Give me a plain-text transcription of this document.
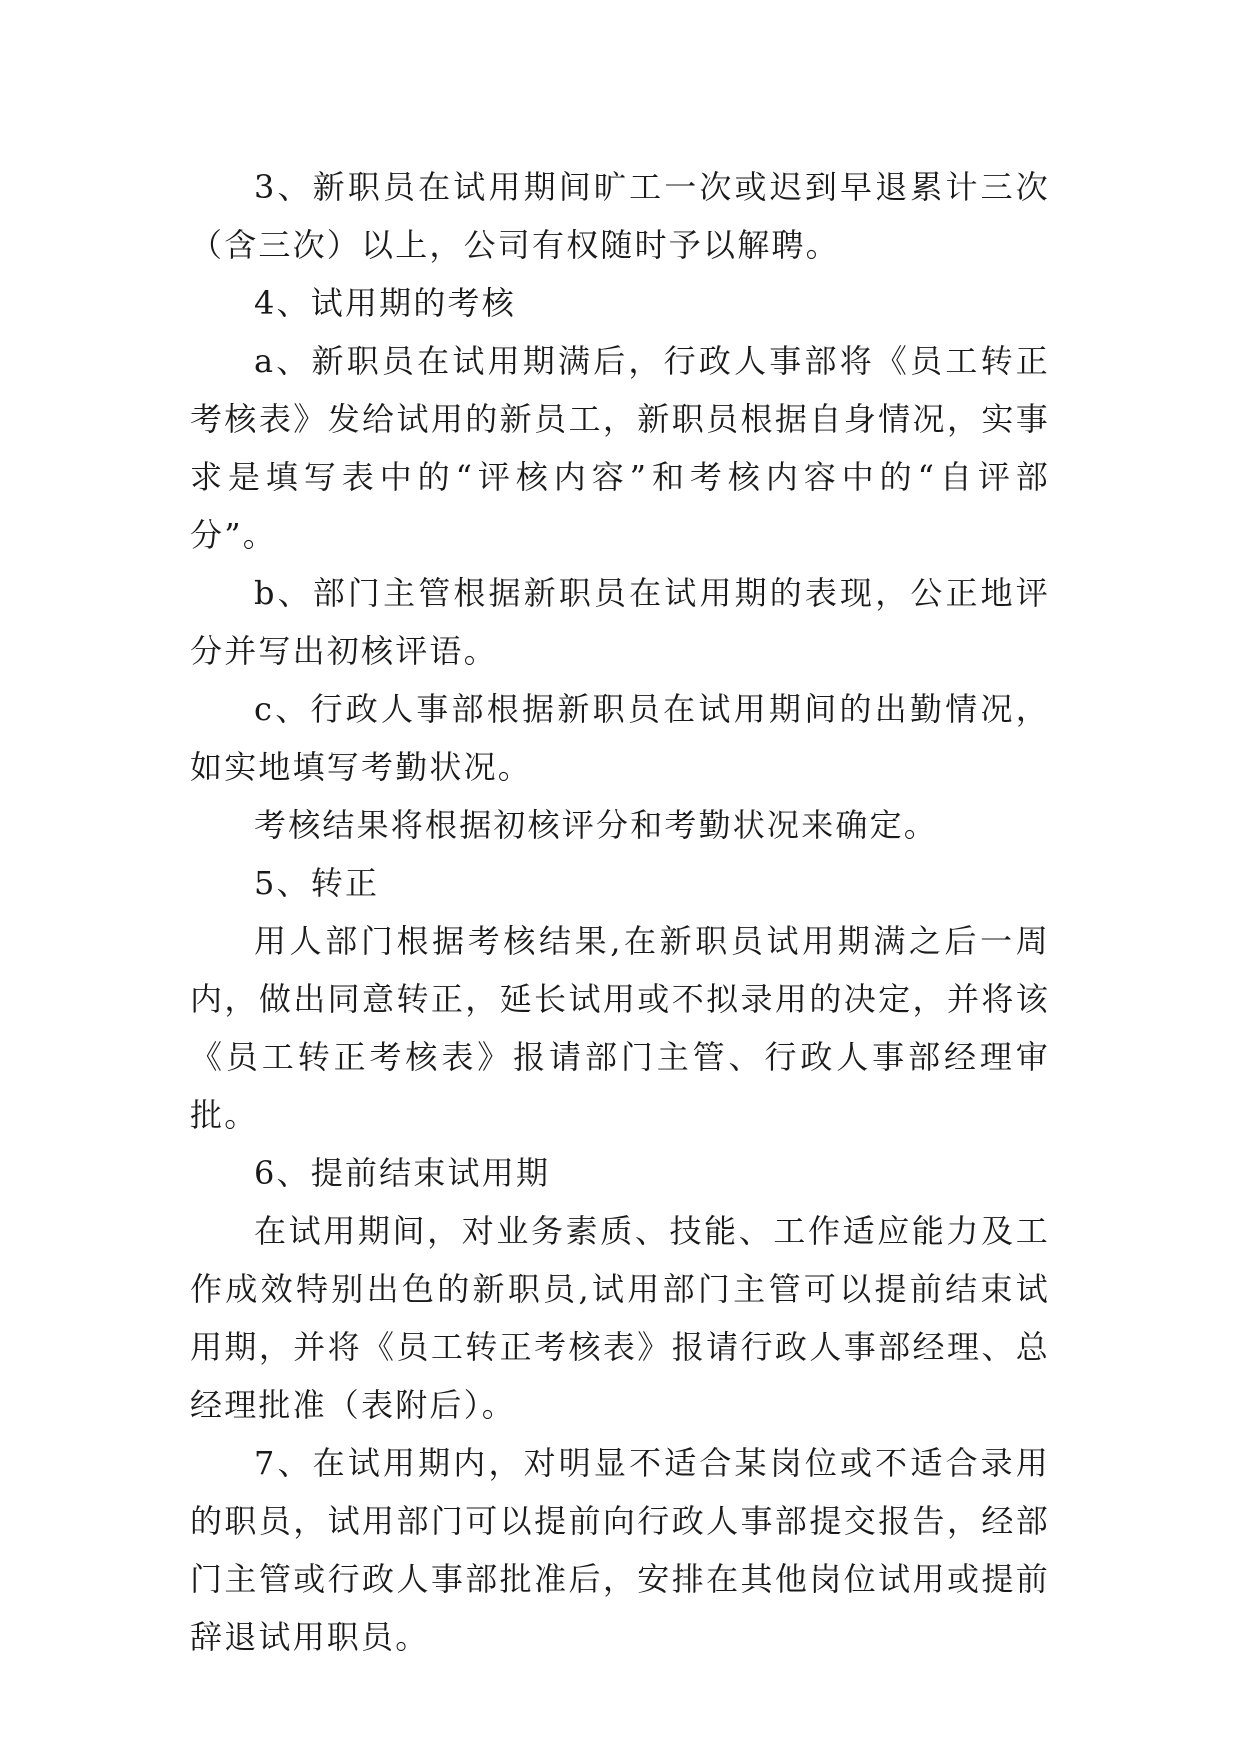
3、新职员在试用期间旷工一次或迟到早退累计三次（含三次）以上，公司有权随时予以解聘。

4、试用期的考核

a、新职员在试用期满后，行政人事部将《员工转正考核表》发给试用的新员工，新职员根据自身情况，实事求是填写表中的“评核内容”和考核内容中的“自评部分”。

b、部门主管根据新职员在试用期的表现，公正地评分并写出初核评语。

c、行政人事部根据新职员在试用期间的出勤情况，如实地填写考勤状况。

考核结果将根据初核评分和考勤状况来确定。

5、转正

用人部门根据考核结果,在新职员试用期满之后一周内，做出同意转正，延长试用或不拟录用的决定，并将该《员工转正考核表》报请部门主管、行政人事部经理审批。

6、提前结束试用期

在试用期间，对业务素质、技能、工作适应能力及工作成效特别出色的新职员,试用部门主管可以提前结束试用期，并将《员工转正考核表》报请行政人事部经理、总经理批准（表附后）。

7、在试用期内，对明显不适合某岗位或不适合录用的职员，试用部门可以提前向行政人事部提交报告，经部门主管或行政人事部批准后，安排在其他岗位试用或提前辞退试用职员。
